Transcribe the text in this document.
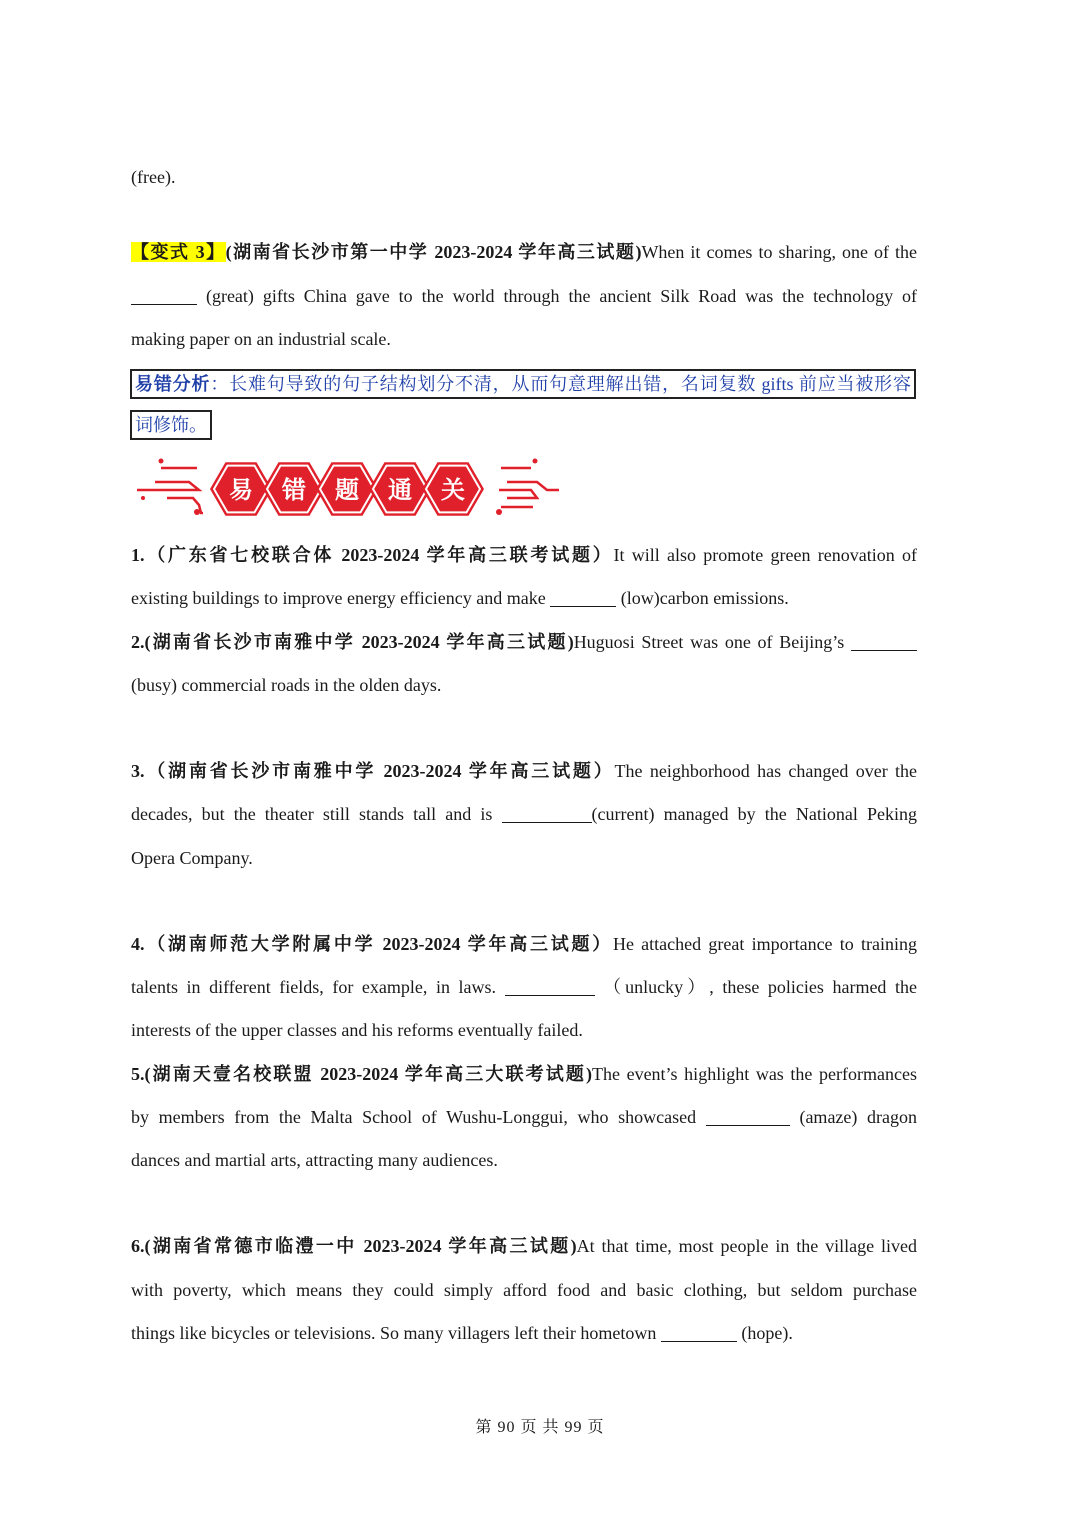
(free).
【变式 3】(湖南省长沙市第一中学 2023-2024 学年高三试题)When it comes to sharing, one of the
(great) gifts China gave to the world through the ancient Silk Road was the technology of
making paper on an industrial scale.
易错分析：长难句导致的句子结构划分不清，从而句意理解出错，名词复数 gifts 前应当被形容
词修饰。
易 错 题 通 关
1.（广东省七校联合体 2023-2024 学年高三联考试题）It will also promote green renovation of
existing buildings to improve energy efficiency and make	(low)carbon emissions.
2.(湖南省长沙市南雅中学 2023-2024 学年高三试题)Huguosi Street was one of Beijing’s
(busy) commercial roads in the olden days.
3.（湖南省长沙市南雅中学 2023-2024 学年高三试题）The neighborhood has changed over the
decades, but the theater still stands tall and is	(current) managed by the National Peking
Opera Company.
4.（湖南师范大学附属中学 2023-2024 学年高三试题）He attached great importance to training
talents in different fields, for example, in laws.	（unlucky）, these policies harmed the
interests of the upper classes and his reforms eventually failed.
5.(湖南天壹名校联盟 2023-2024 学年高三大联考试题)The event’s highlight was the performances
by members from the Malta School of Wushu-Longgui, who showcased	(amaze) dragon
dances and martial arts, attracting many audiences.
6.(湖南省常德市临澧一中 2023-2024 学年高三试题)At that time, most people in the village lived
with poverty, which means they could simply afford food and basic clothing, but seldom purchase
things like bicycles or televisions. So many villagers left their hometown	(hope).
第 90 页 共 99 页
